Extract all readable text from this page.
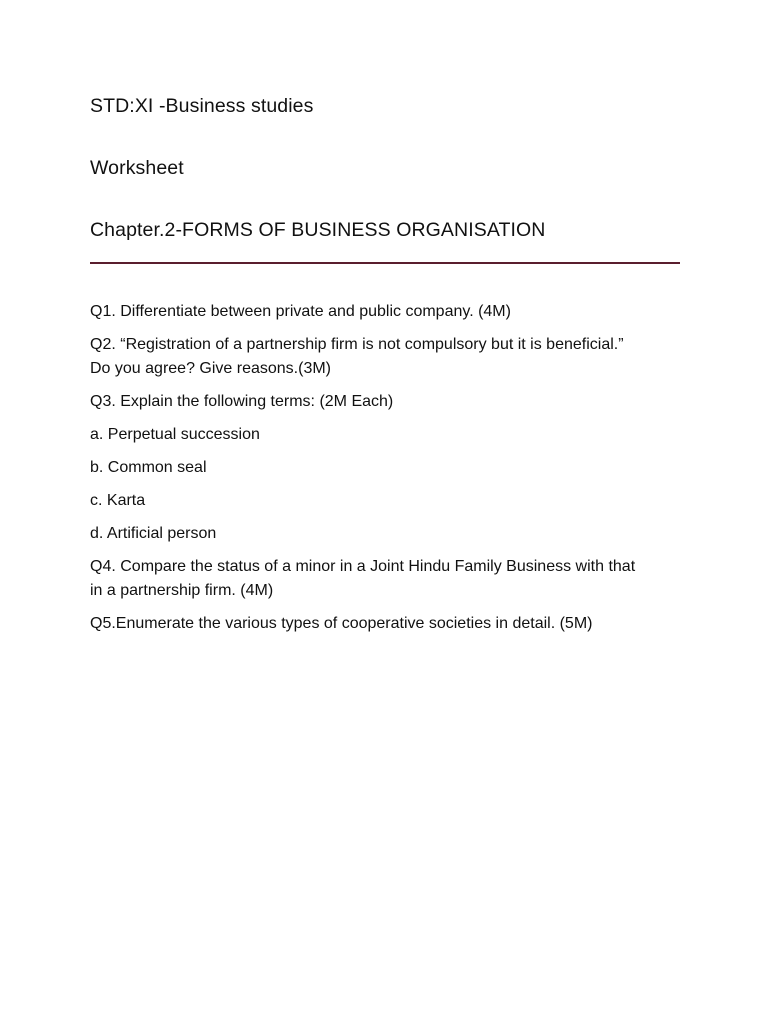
STD:XI -Business studies
Worksheet
Chapter.2-FORMS OF BUSINESS ORGANISATION
Q1. Differentiate between private and public company. (4M)
Q2. “Registration of a partnership firm is not compulsory but it is beneficial.”
Do you agree? Give reasons.(3M)
Q3. Explain the following terms: (2M Each)
a. Perpetual succession
b. Common seal
c. Karta
d. Artificial person
Q4. Compare the status of a minor in a Joint Hindu Family Business with that
in a partnership firm. (4M)
Q5.Enumerate the various types of cooperative societies in detail. (5M)
